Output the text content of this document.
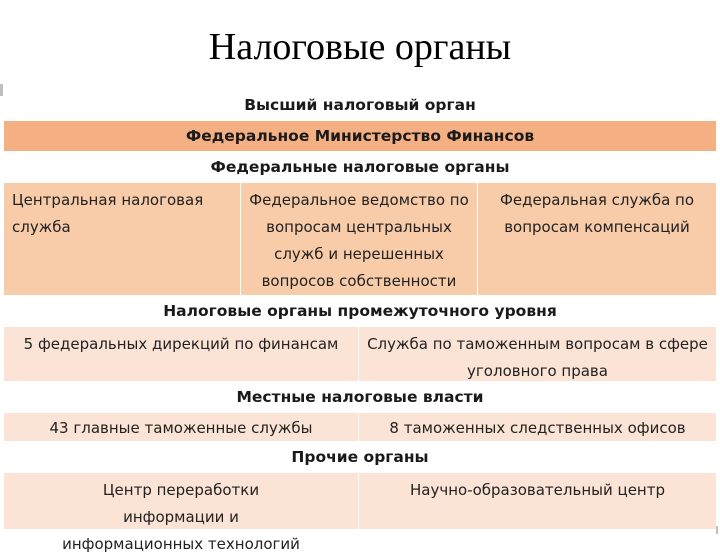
Налоговые органы
Высший налоговый орган
Федеральное Министерство Финансов
Федеральные налоговые органы
Центральная налоговая служба
Федеральное ведомство по вопросам центральных служб и нерешенных вопросов собственности
Федеральная служба по вопросам компенсаций
Налоговые органы промежуточного уровня
5 федеральных дирекций по финансам	Служба по таможенным вопросам в сфере уголовного права
Местные налоговые власти
43 главные таможенные службы	8 таможенных следственных офисов
Прочие органы
Центр переработки информации и информационных технологий
Научно-образовательный центр
